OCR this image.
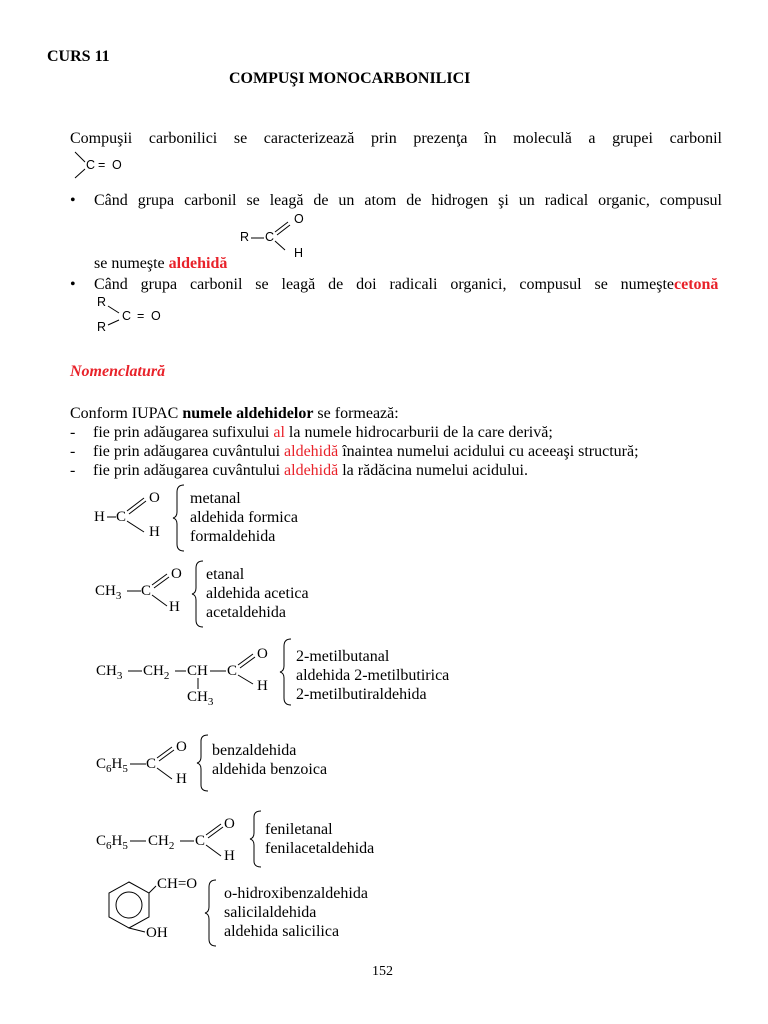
CURS 11
COMPUŞI MONOCARBONILICI
Compuşii carbonilici se caracterizează prin prezenţa în moleculă a grupei carbonil
C = O
• Când grupa carbonil se leagă de un atom de hidrogen şi un radical organic, compusul
R C
O
H
se numeşte aldehidă
• Când grupa carbonil se leagă de doi radicali organici, compusul se numeştecetonă
R
R
C = O
Nomenclatură
Conform IUPAC numele aldehidelor se formează:
- fie prin adăugarea sufixului al la numele hidrocarburii de la care derivă;
- fie prin adăugarea cuvântului aldehidă înaintea numelui acidului cu aceeaşi structură;
- fie prin adăugarea cuvântului aldehidă la rădăcina numelui acidului.
H C
O
H
metanal
aldehida formica
formaldehida
$CH_3$ C
O
H
etanal
aldehida acetica
acetaldehida
$CH_3$ $CH_2$ CH C
O
H
$CH_3$
2-metilbutanal
aldehida 2-metilbutirica
2-metilbutiraldehida
$C_6H_5$ C
O
H
benzaldehida
aldehida benzoica
$C_6H_5$ $CH_2$ C
O
H
feniletanal
fenilacetaldehida
CH=O
OH
o-hidroxibenzaldehida
salicilaldehida
aldehida salicilica
152
